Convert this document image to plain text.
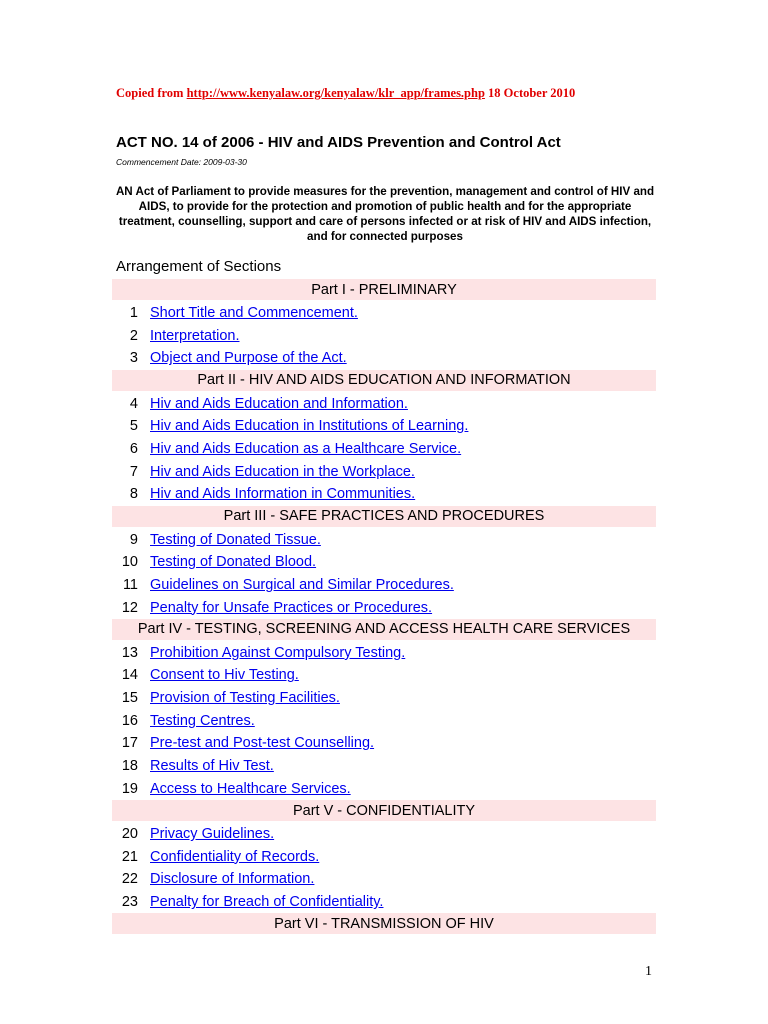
Copied from http://www.kenyalaw.org/kenyalaw/klr_app/frames.php 18 October 2010
ACT NO. 14 of 2006 - HIV and AIDS Prevention and Control Act
Commencement Date: 2009-03-30
AN Act of Parliament to provide measures for the prevention, management and control of HIV and AIDS, to provide for the protection and promotion of public health and for the appropriate treatment, counselling, support and care of persons infected or at risk of HIV and AIDS infection, and for connected purposes
Arrangement of Sections
Part I - PRELIMINARY
1 Short Title and Commencement.
2 Interpretation.
3 Object and Purpose of the Act.
Part II - HIV AND AIDS EDUCATION AND INFORMATION
4 Hiv and Aids Education and Information.
5 Hiv and Aids Education in Institutions of Learning.
6 Hiv and Aids Education as a Healthcare Service.
7 Hiv and Aids Education in the Workplace.
8 Hiv and Aids Information in Communities.
Part III - SAFE PRACTICES AND PROCEDURES
9 Testing of Donated Tissue.
10 Testing of Donated Blood.
11 Guidelines on Surgical and Similar Procedures.
12 Penalty for Unsafe Practices or Procedures.
Part IV - TESTING, SCREENING AND ACCESS HEALTH CARE SERVICES
13 Prohibition Against Compulsory Testing.
14 Consent to Hiv Testing.
15 Provision of Testing Facilities.
16 Testing Centres.
17 Pre-test and Post-test Counselling.
18 Results of Hiv Test.
19 Access to Healthcare Services.
Part V - CONFIDENTIALITY
20 Privacy Guidelines.
21 Confidentiality of Records.
22 Disclosure of Information.
23 Penalty for Breach of Confidentiality.
Part VI - TRANSMISSION OF HIV
1
